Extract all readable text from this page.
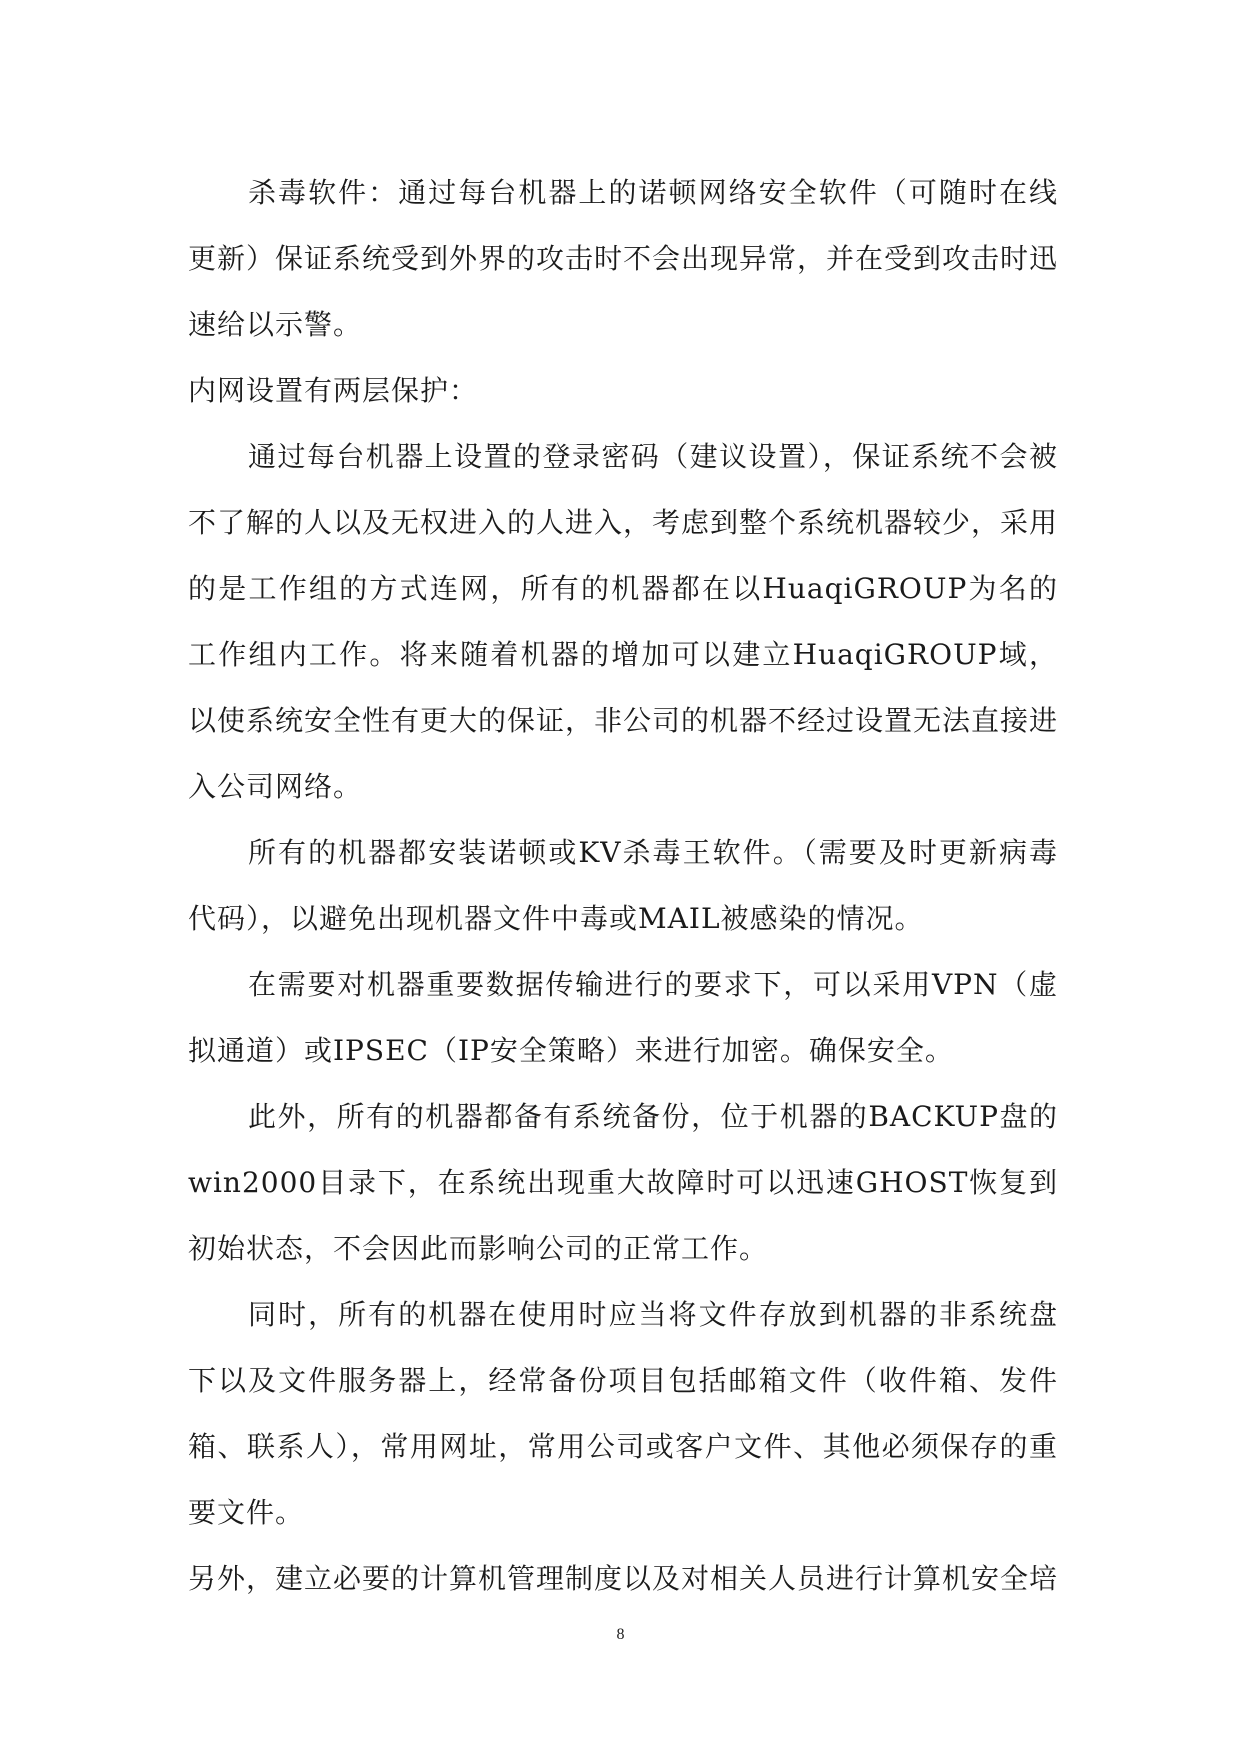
杀毒软件：通过每台机器上的诺顿网络安全软件（可随时在线更新）保证系统受到外界的攻击时不会出现异常，并在受到攻击时迅速给以示警。

内网设置有两层保护：

通过每台机器上设置的登录密码（建议设置），保证系统不会被不了解的人以及无权进入的人进入，考虑到整个系统机器较少，采用的是工作组的方式连网，所有的机器都在以HuaqiGROUP为名的工作组内工作。将来随着机器的增加可以建立HuaqiGROUP域，以使系统安全性有更大的保证，非公司的机器不经过设置无法直接进入公司网络。

所有的机器都安装诺顿或KV杀毒王软件。（需要及时更新病毒代码），以避免出现机器文件中毒或MAIL被感染的情况。

在需要对机器重要数据传输进行的要求下，可以采用VPN（虚拟通道）或IPSEC（IP安全策略）来进行加密。确保安全。

此外，所有的机器都备有系统备份，位于机器的BACKUP盘的win2000目录下，在系统出现重大故障时可以迅速GHOST恢复到初始状态，不会因此而影响公司的正常工作。

同时，所有的机器在使用时应当将文件存放到机器的非系统盘下以及文件服务器上，经常备份项目包括邮箱文件（收件箱、发件箱、联系人），常用网址，常用公司或客户文件、其他必须保存的重要文件。

另外，建立必要的计算机管理制度以及对相关人员进行计算机安全培

8
